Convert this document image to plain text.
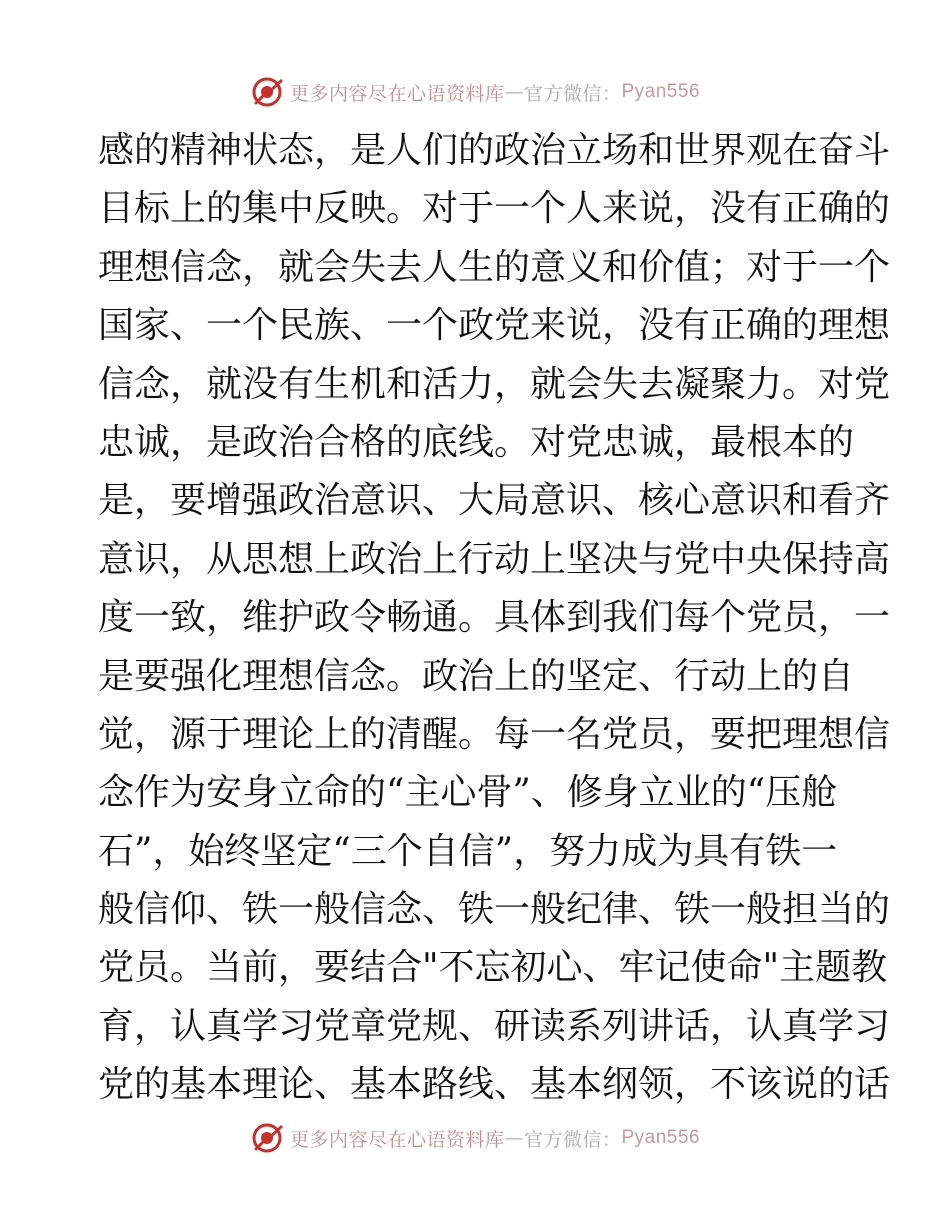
更多内容尽在心语资料库 — 官方微信： Pyan556
感的精神状态，是人们的政治立场和世界观在奋斗
目标上的集中反映。对于一个人来说，没有正确的
理想信念，就会失去人生的意义和价值；对于一个
国家、一个民族、一个政党来说，没有正确的理想
信念，就没有生机和活力，就会失去凝聚力。对党
忠诚，是政治合格的底线。对党忠诚，最根本的
是，要增强政治意识、大局意识、核心意识和看齐
意识，从思想上政治上行动上坚决与党中央保持高
度一致，维护政令畅通。具体到我们每个党员，一
是要强化理想信念。政治上的坚定、行动上的自
觉，源于理论上的清醒。每一名党员，要把理想信
念作为安身立命的“主心骨”、修身立业的“压舱
石”，始终坚定“三个自信”，努力成为具有铁一
般信仰、铁一般信念、铁一般纪律、铁一般担当的
党员。当前，要结合"不忘初心、牢记使命"主题教
育，认真学习党章党规、研读系列讲话，认真学习
党的基本理论、基本路线、基本纲领，不该说的话
更多内容尽在心语资料库 — 官方微信： Pyan556
